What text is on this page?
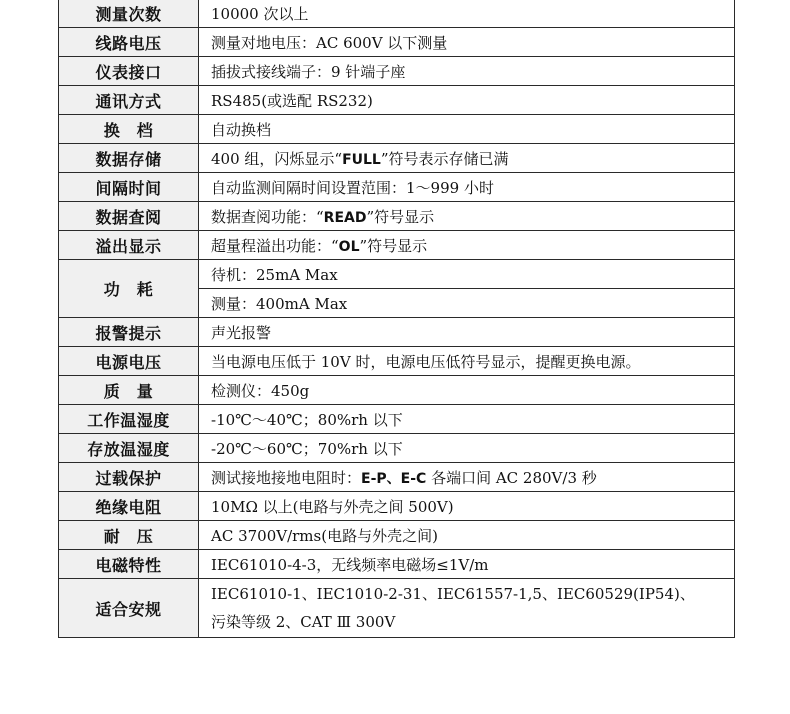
测量次数	10000 次以上
线路电压	测量对地电压：AC 600V 以下测量
仪表接口	插拔式接线端子：9 针端子座
通讯方式	RS485(或选配 RS232)
换　档	自动换档
数据存储	400 组，闪烁显示“FULL”符号表示存储已满
间隔时间	自动监测间隔时间设置范围：1～999 小时
数据查阅	数据查阅功能：“READ”符号显示
溢出显示	超量程溢出功能：“OL”符号显示
功　耗	待机：25mA Max
	测量：400mA Max
报警提示	声光报警
电源电压	当电源电压低于 10V 时，电源电压低符号显示，提醒更换电源。
质　量	检测仪：450g
工作温湿度	-10℃～40℃；80%rh 以下
存放温湿度	-20℃～60℃；70%rh 以下
过载保护	测试接地接地电阻时：E-P、E-C 各端口间 AC 280V/3 秒
绝缘电阻	10MΩ 以上(电路与外壳之间 500V)
耐　压	AC 3700V/rms(电路与外壳之间)
电磁特性	IEC61010-4-3，无线频率电磁场≤1V/m
适合安规	IEC61010-1、IEC1010-2-31、IEC61557-1,5、IEC60529(IP54)、
污染等级 2、CAT Ⅲ 300V
